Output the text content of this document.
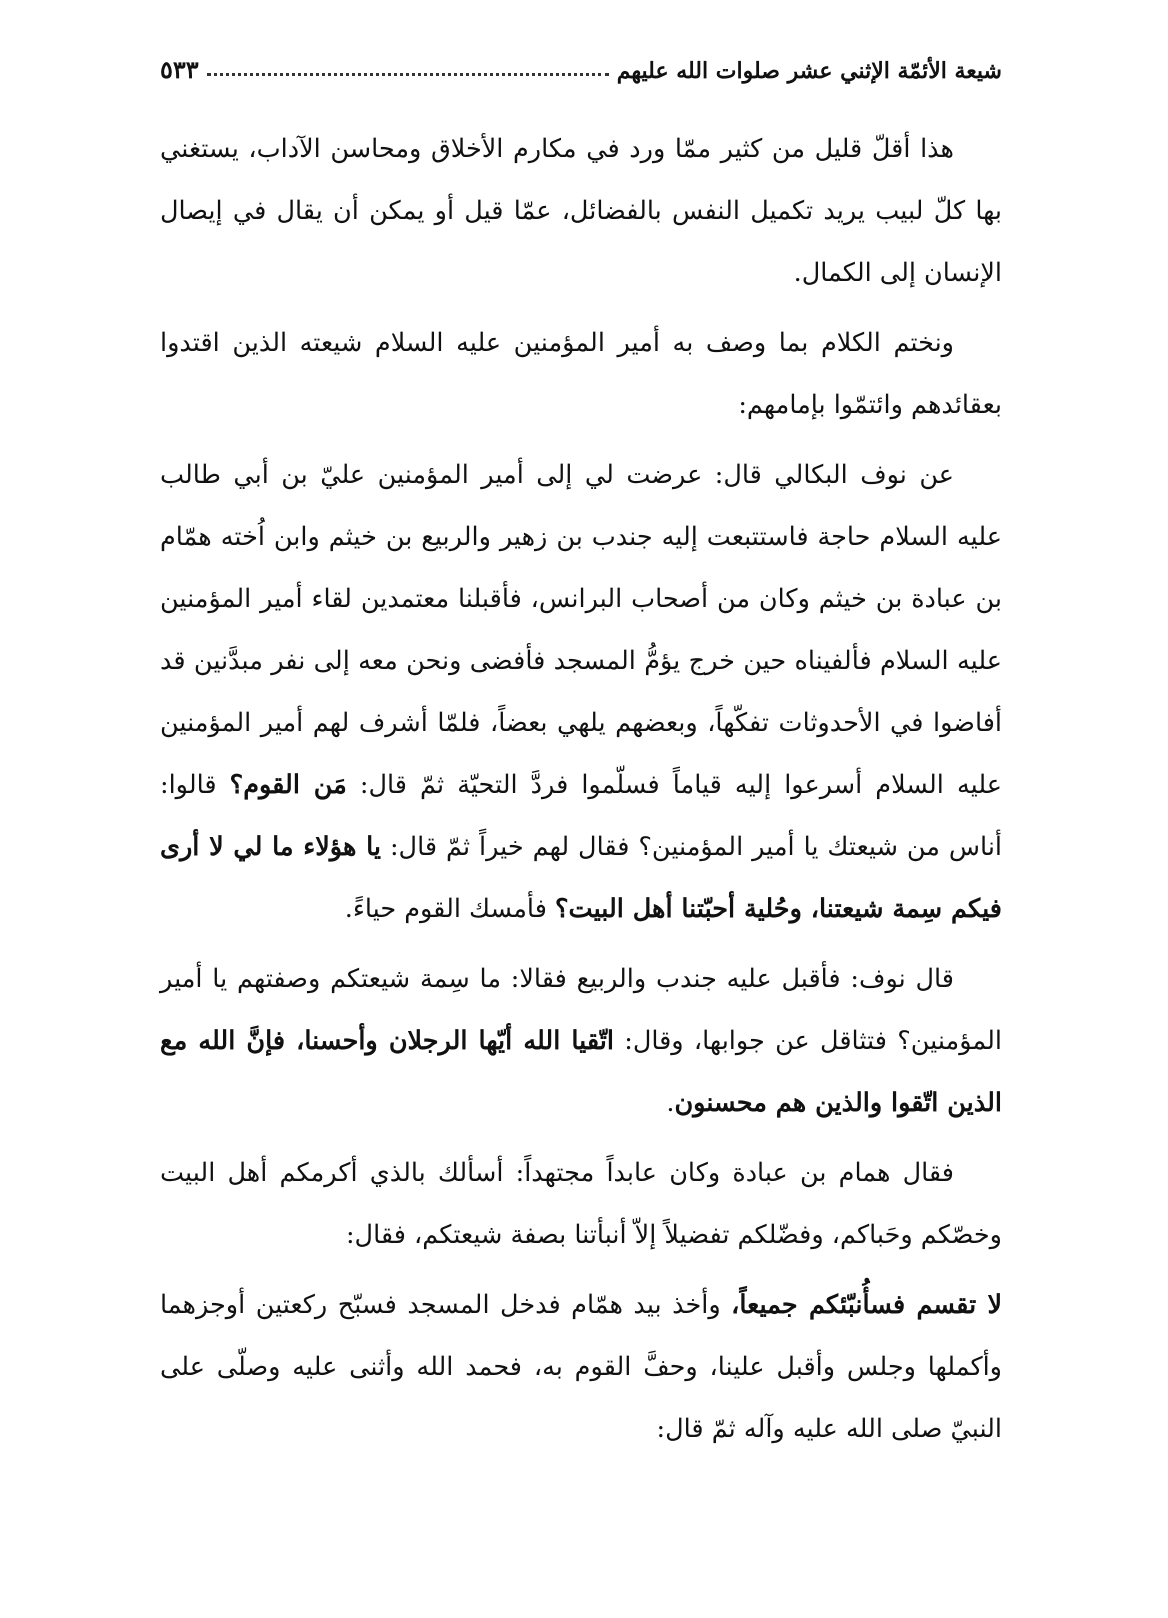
شيعة الأئمّة الإثني عشر صلوات الله عليهم
٥٣٣

هذا أقلّ قليل من كثير ممّا ورد في مكارم الأخلاق ومحاسن الآداب، يستغني بها كلّ لبيب يريد تكميل النفس بالفضائل، عمّا قيل أو يمكن أن يقال في إيصال الإنسان إلى الكمال.

ونختم الكلام بما وصف به أمير المؤمنين عليه السلام شيعته الذين اقتدوا بعقائدهم وائتمّوا بإمامهم:

عن نوف البكالي قال: عرضت لي إلى أمير المؤمنين عليّ بن أبي طالب عليه السلام حاجة فاستتبعت إليه جندب بن زهير والربيع بن خيثم وابن اُخته همّام بن عبادة بن خيثم وكان من أصحاب البرانس، فأقبلنا معتمدين لقاء أمير المؤمنين عليه السلام فألفيناه حين خرج يؤمُّ المسجد فأفضى ونحن معه إلى نفر مبدَّنين قد أفاضوا في الأحدوثات تفكّهاً، وبعضهم يلهي بعضاً، فلمّا أشرف لهم أمير المؤمنين عليه السلام أسرعوا إليه قياماً فسلّموا فردَّ التحيّة ثمّ قال: مَن القوم؟ قالوا: أناس من شيعتك يا أمير المؤمنين؟ فقال لهم خيراً ثمّ قال: يا هؤلاء ما لي لا أرى فيكم سِمة شيعتنا، وحُلية أحبّتنا أهل البيت؟ فأمسك القوم حياءً.

قال نوف: فأقبل عليه جندب والربيع فقالا: ما سِمة شيعتكم وصفتهم يا أمير المؤمنين؟ فتثاقل عن جوابها، وقال: اتّقيا الله أيّها الرجلان وأحسنا، فإنَّ الله مع الذين اتّقوا والذين هم محسنون.

فقال همام بن عبادة وكان عابداً مجتهداً: أسألك بالذي أكرمكم أهل البيت وخصّكم وحَباكم، وفضّلكم تفضيلاً إلاّ أنبأتنا بصفة شيعتكم، فقال:

لا تقسم فسأُنبّئكم جميعاً، وأخذ بيد همّام فدخل المسجد فسبّح ركعتين أوجزهما وأكملها وجلس وأقبل علينا، وحفَّ القوم به، فحمد الله وأثنى عليه وصلّى على النبيّ صلى الله عليه وآله ثمّ قال:
